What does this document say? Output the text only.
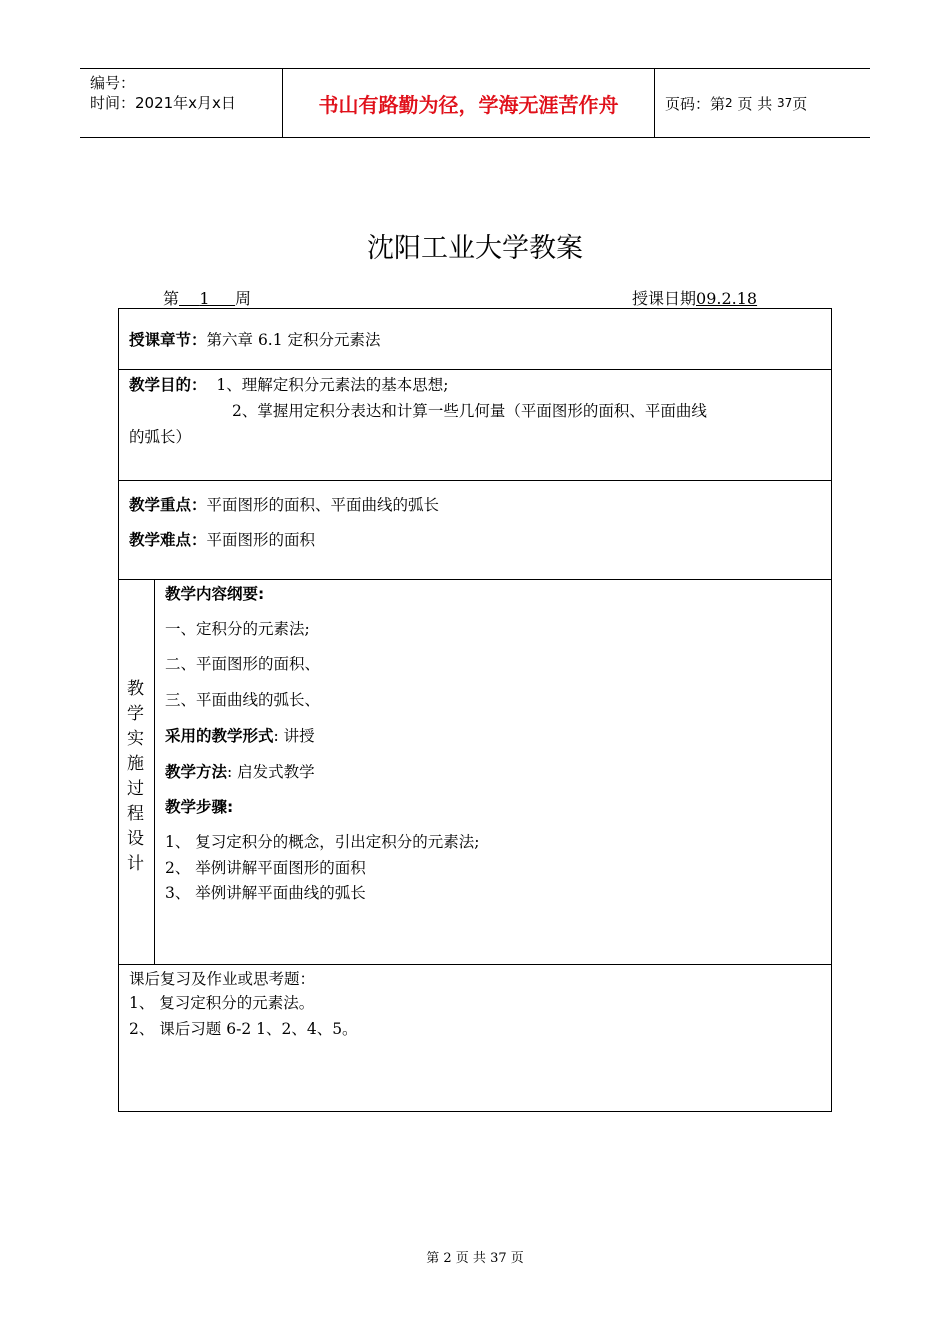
编号：
时间：2021年x月x日	书山有路勤为径，学海无涯苦作舟	页码：第 2
页 共
37 页
沈阳工业大学教案
第 1 周	授课日期09.2.18
授课章节：第六章 6.1 定积分元素法
教学目的： 1、理解定积分元素法的基本思想;
2、掌握用定积分表达和计算一些几何量（平面图形的面积、平面曲线
的弧长）
教学重点：平面图形的面积、平面曲线的弧长
教学难点：平面图形的面积
教
学
实
施
过
程
设
计
教学内容纲要:
一、定积分的元素法;
二、平面图形的面积、
三、平面曲线的弧长、
采用的教学形式: 讲授
教学方法: 启发式教学
教学步骤:
1、 复习定积分的概念，引出定积分的元素法;
2、 举例讲解平面图形的面积
3、 举例讲解平面曲线的弧长
课后复习及作业或思考题：
1、 复习定积分的元素法。
2、 课后习题 6-2 1、2、4、5。
第 2 页 共 37 页
